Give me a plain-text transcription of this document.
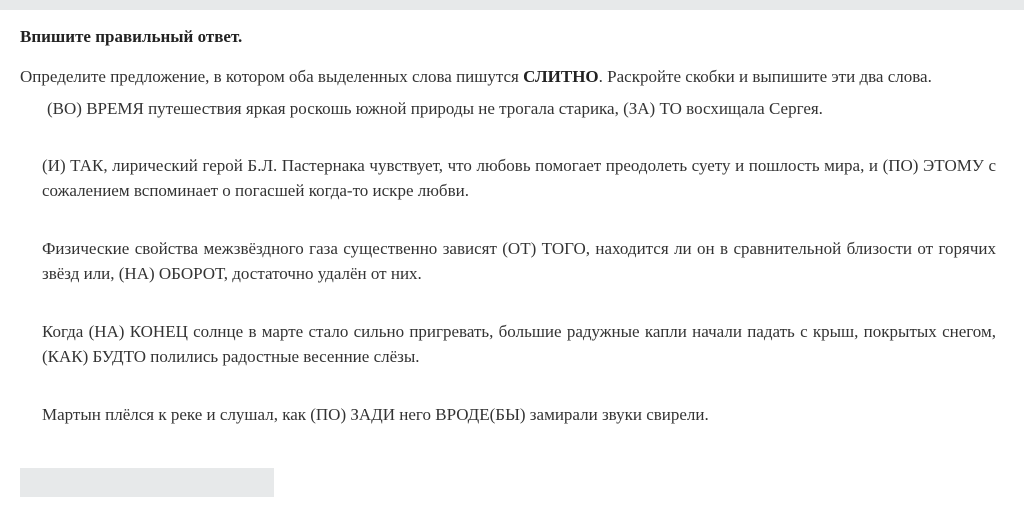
Впишите правильный ответ.

Определите предложение, в котором оба выделенных слова пишутся СЛИТНО. Раскройте скобки и выпишите эти два слова.

(ВО) ВРЕМЯ путешествия яркая роскошь южной природы не трогала старика, (ЗА) ТО восхищала Сергея.

(И) ТАК, лирический герой Б.Л. Пастернака чувствует, что любовь помогает преодолеть суету и пошлость мира, и (ПО) ЭТОМУ с сожалением вспоминает о погасшей когда-то искре любви.

Физические свойства межзвёздного газа существенно зависят (ОТ) ТОГО, находится ли он в сравнительной близости от горячих звёзд или, (НА) ОБОРОТ, достаточно удалён от них.

Когда (НА) КОНЕЦ солнце в марте стало сильно пригревать, большие радужные капли начали падать с крыш, покрытых снегом, (КАК) БУДТО полились радостные весенние слёзы.

Мартын плёлся к реке и слушал, как (ПО) ЗАДИ него ВРОДЕ(БЫ) замирали звуки свирели.
